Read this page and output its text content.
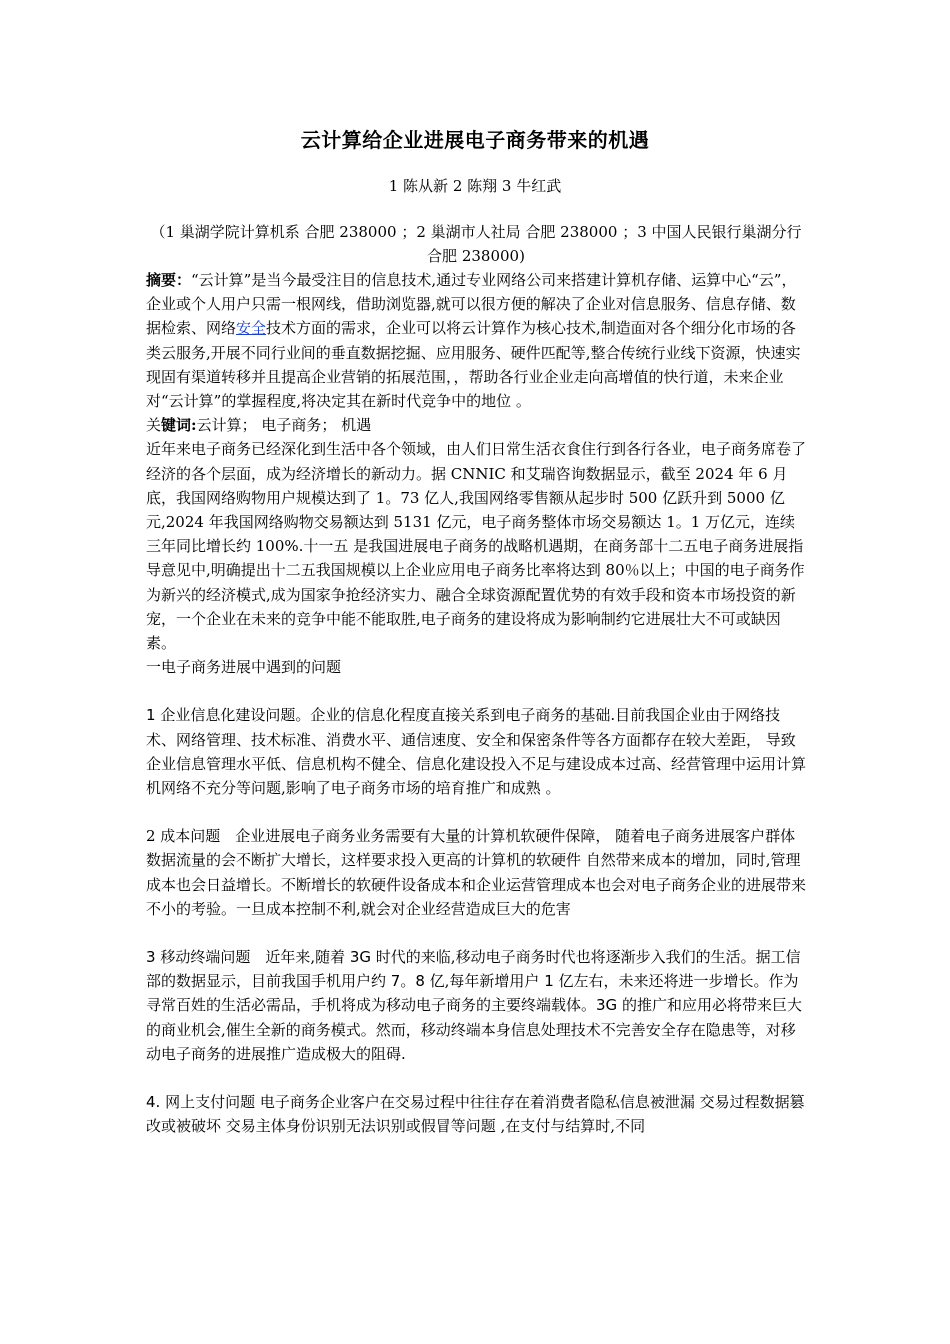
云计算给企业进展电子商务带来的机遇
1 陈从新 2 陈翔 3 牛红武
（1 巢湖学院计算机系 合肥 238000 ；2 巢湖市人社局 合肥 238000 ；3 中国人民银行巢湖分行 合肥 238000)

摘要：“云计算”是当今最受注目的信息技术,通过专业网络公司来搭建计算机存储、运算中心“云”，企业或个人用户只需一根网线，借助浏览器,就可以很方便的解决了企业对信息服务、信息存储、数据检索、网络安全技术方面的需求，企业可以将云计算作为核心技术,制造面对各个细分化市场的各类云服务,开展不同行业间的垂直数据挖掘、应用服务、硬件匹配等,整合传统行业线下资源，快速实现固有渠道转移并且提高企业营销的拓展范围，，帮助各行业企业走向高增值的快行道，未来企业对“云计算”的掌握程度,将决定其在新时代竞争中的地位 。

关键词:云计算； 电子商务； 机遇

近年来电子商务已经深化到生活中各个领域，由人们日常生活衣食住行到各行各业，电子商务席卷了经济的各个层面，成为经济增长的新动力。据 CNNIC 和艾瑞咨询数据显示，截至 2024 年 6 月底，我国网络购物用户规模达到了 1。73 亿人,我国网络零售额从起步时 500 亿跃升到 5000 亿元,2024 年我国网络购物交易额达到 5131 亿元，电子商务整体市场交易额达 1。1 万亿元，连续三年同比增长约 100%.十一五 是我国进展电子商务的战略机遇期，在商务部十二五电子商务进展指导意见中,明确提出十二五我国规模以上企业应用电子商务比率将达到 80％以上；中国的电子商务作为新兴的经济模式,成为国家争抢经济实力、融合全球资源配置优势的有效手段和资本市场投资的新宠，一个企业在未来的竞争中能不能取胜,电子商务的建设将成为影响制约它进展壮大不可或缺因素。

一电子商务进展中遇到的问题

1 企业信息化建设问题。企业的信息化程度直接关系到电子商务的基础.目前我国企业由于网络技术、网络管理、技术标准、消费水平、通信速度、安全和保密条件等各方面都存在较大差距， 导致企业信息管理水平低、信息机构不健全、信息化建设投入不足与建设成本过高、经营管理中运用计算机网络不充分等问题,影响了电子商务市场的培育推广和成熟 。

2 成本问题　企业进展电子商务业务需要有大量的计算机软硬件保障， 随着电子商务进展客户群体数据流量的会不断扩大增长，这样要求投入更高的计算机的软硬件 自然带来成本的增加，同时,管理成本也会日益增长。不断增长的软硬件设备成本和企业运营管理成本也会对电子商务企业的进展带来不小的考验。一旦成本控制不利,就会对企业经营造成巨大的危害

3 移动终端问题　近年来,随着 3G 时代的来临,移动电子商务时代也将逐渐步入我们的生活。据工信部的数据显示，目前我国手机用户约 7。8 亿,每年新增用户 1 亿左右，未来还将进一步增长。作为寻常百姓的生活必需品，手机将成为移动电子商务的主要终端载体。3G 的推广和应用必将带来巨大的商业机会,催生全新的商务模式。然而，移动终端本身信息处理技术不完善安全存在隐患等，对移动电子商务的进展推广造成极大的阻碍.

4. 网上支付问题 电子商务企业客户在交易过程中往往存在着消费者隐私信息被泄漏 交易过程数据篡改或被破坏 交易主体身份识别无法识别或假冒等问题 ,在支付与结算时,不同
